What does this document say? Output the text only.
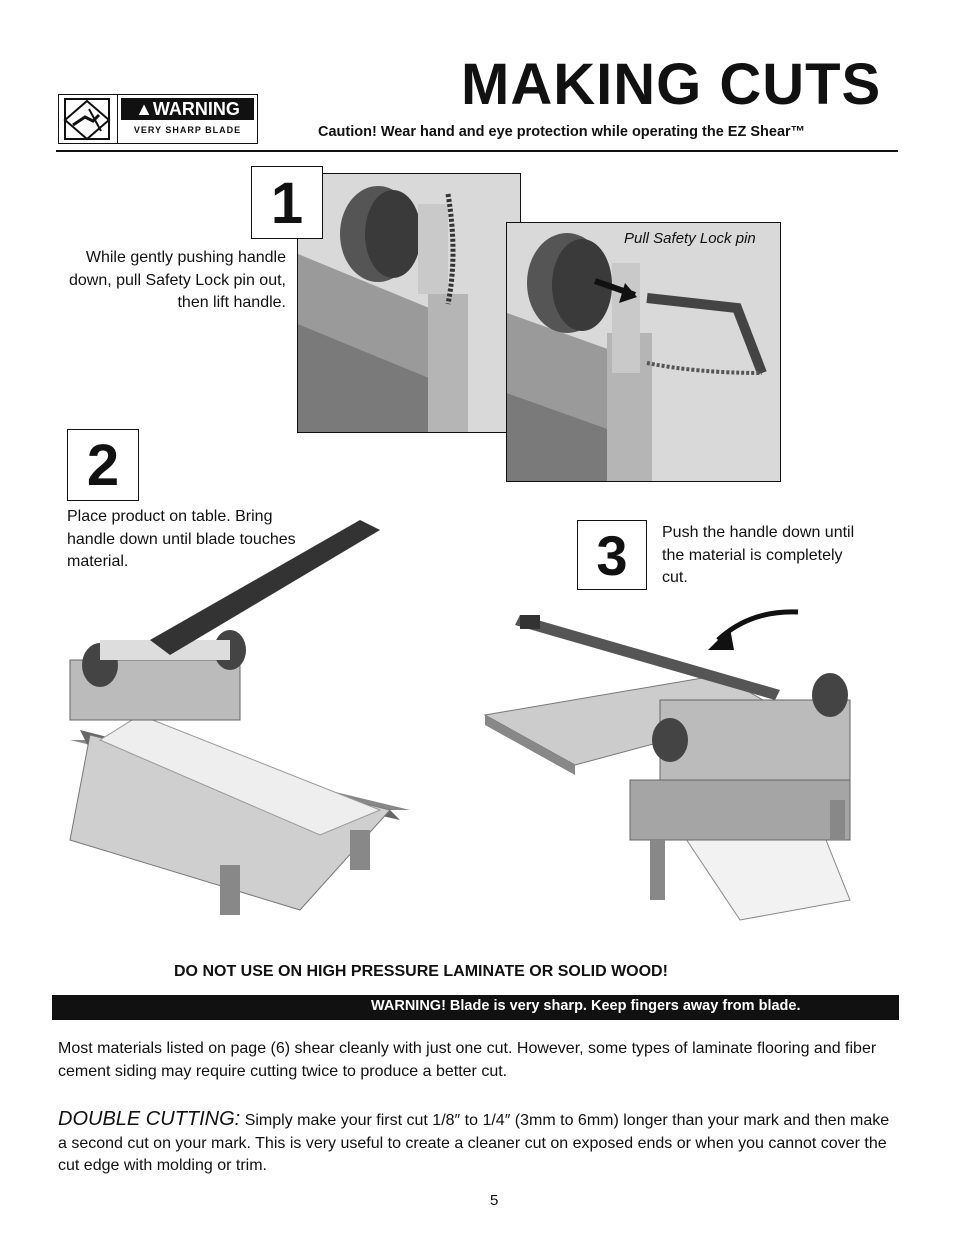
MAKING CUTS
▲WARNING
VERY SHARP BLADE	Caution! Wear hand and eye protection while operating the EZ Shear™
1
While gently pushing handle down, pull Safety Lock pin out, then lift handle.
Pull Safety Lock pin
2
Place product on table. Bring handle down until blade touches material.	3	Push the handle down until the material is completely cut.
DO NOT USE ON HIGH PRESSURE LAMINATE OR SOLID WOOD!
WARNING! Blade is very sharp. Keep fingers away from blade.
Most materials listed on page (6) shear cleanly with just one cut. However, some types of laminate flooring and fiber cement siding may require cutting twice to produce a better cut.
DOUBLE CUTTING: Simply make your first cut 1/8″ to 1/4″ (3mm to 6mm) longer than your mark and then make a second cut on your mark. This is very useful to create a cleaner cut on exposed ends or when you cannot cover the cut edge with molding or trim.
5
